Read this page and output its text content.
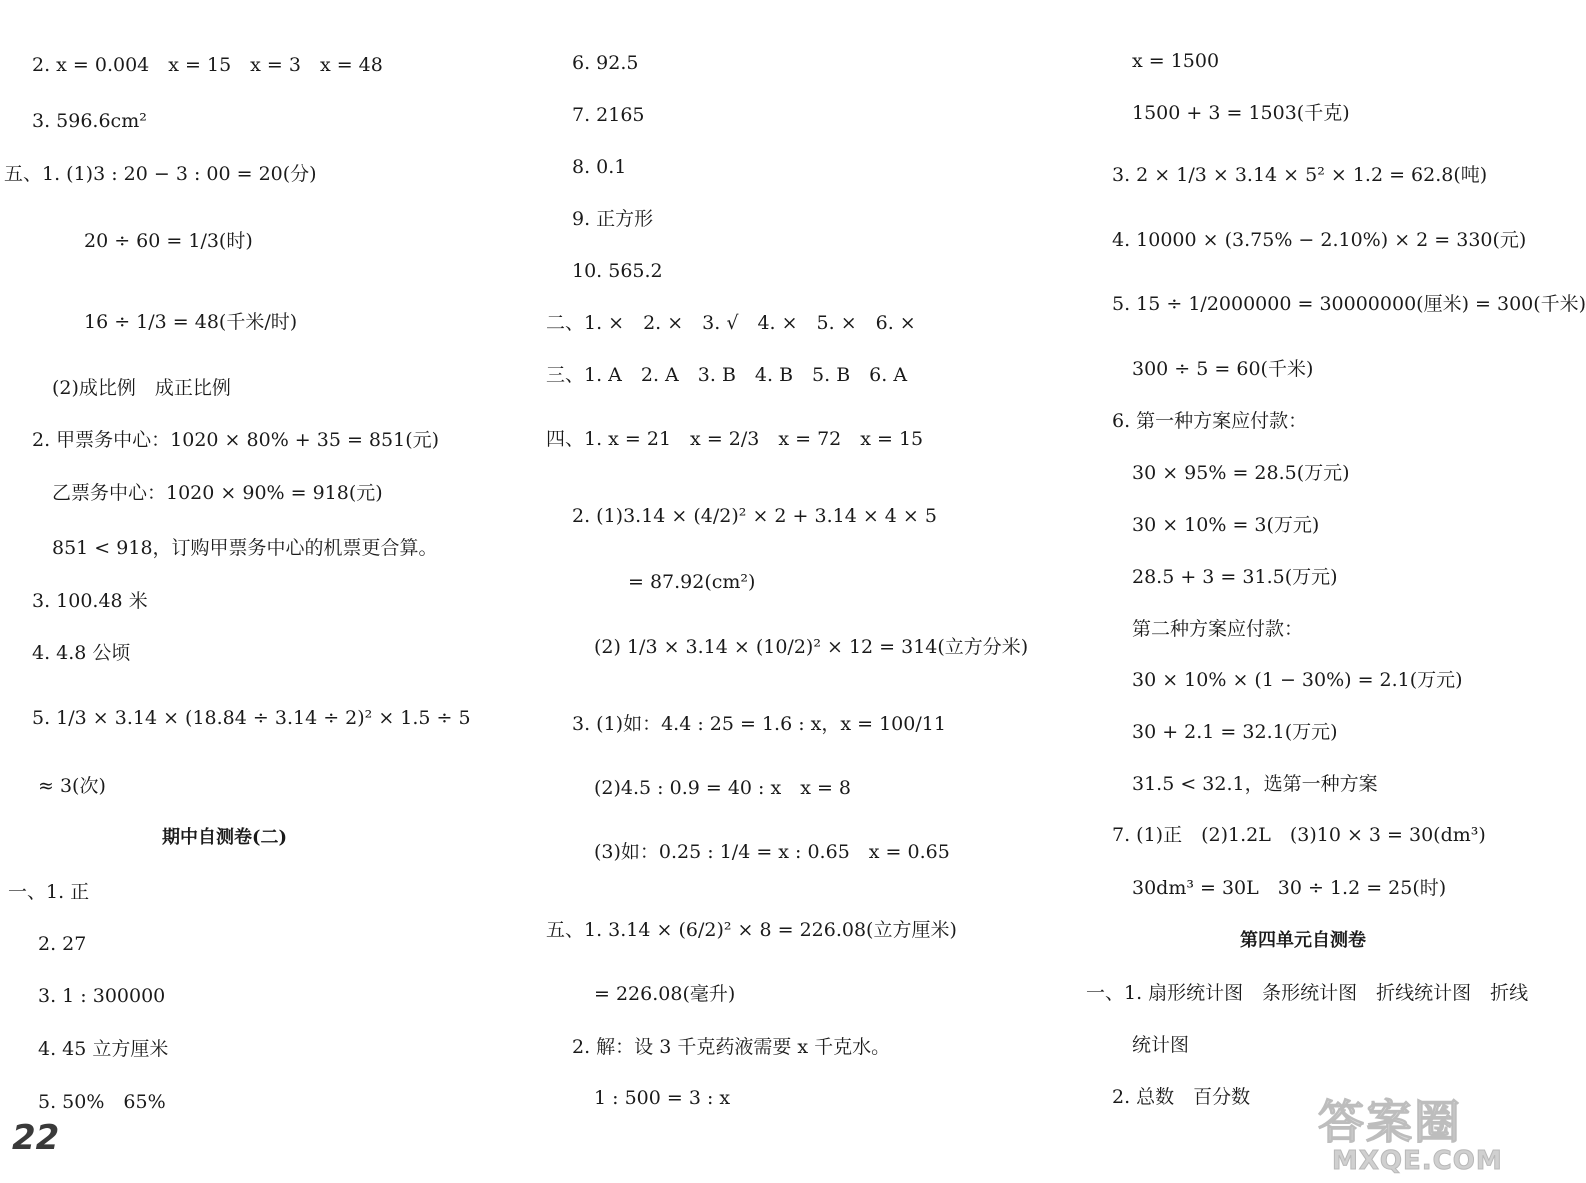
2. x = 0.004　x = 15　x = 3　x = 48
3. 596.6cm²
五、1. (1)3 : 20 − 3 : 00 = 20(分)
20 ÷ 60 = 1/3(时)
16 ÷ 1/3 = 48(千米/时)
(2)成比例　成正比例
2. 甲票务中心：1020 × 80% + 35 = 851(元)
乙票务中心：1020 × 90% = 918(元)
851 < 918，订购甲票务中心的机票更合算。
3. 100.48 米
4. 4.8 公顷
5. 1/3 × 3.14 × (18.84 ÷ 3.14 ÷ 2)² × 1.5 ÷ 5
≈ 3(次)
期中自测卷(二)
一、1. 正
2. 27
3. 1 : 300000
4. 45 立方厘米
5. 50%　65%
6. 92.5
7. 2165
8. 0.1
9. 正方形
10. 565.2
二、1. ×　2. ×　3. √　4. ×　5. ×　6. ×
三、1. A　2. A　3. B　4. B　5. B　6. A
四、1. x = 21　x = 2/3　x = 72　x = 15
2. (1)3.14 × (4/2)² × 2 + 3.14 × 4 × 5
= 87.92(cm²)
(2) 1/3 × 3.14 × (10/2)² × 12 = 314(立方分米)
3. (1)如：4.4 : 25 = 1.6 : x，x = 100/11
(2)4.5 : 0.9 = 40 : x　x = 8
(3)如：0.25 : 1/4 = x : 0.65　x = 0.65
五、1. 3.14 × (6/2)² × 8 = 226.08(立方厘米)
= 226.08(毫升)
2. 解：设 3 千克药液需要 x 千克水。
1 : 500 = 3 : x
x = 1500
1500 + 3 = 1503(千克)
3. 2 × 1/3 × 3.14 × 5² × 1.2 = 62.8(吨)
4. 10000 × (3.75% − 2.10%) × 2 = 330(元)
5. 15 ÷ 1/2000000 = 30000000(厘米) = 300(千米)
300 ÷ 5 = 60(千米)
6. 第一种方案应付款：
30 × 95% = 28.5(万元)
30 × 10% = 3(万元)
28.5 + 3 = 31.5(万元)
第二种方案应付款：
30 × 10% × (1 − 30%) = 2.1(万元)
30 + 2.1 = 32.1(万元)
31.5 < 32.1，选第一种方案
7. (1)正　(2)1.2L　(3)10 × 3 = 30(dm³)
30dm³ = 30L　30 ÷ 1.2 = 25(时)
第四单元自测卷
一、1. 扇形统计图　条形统计图　折线统计图　折线
统计图
2. 总数　百分数
22	答案圈
MXQE.COM
